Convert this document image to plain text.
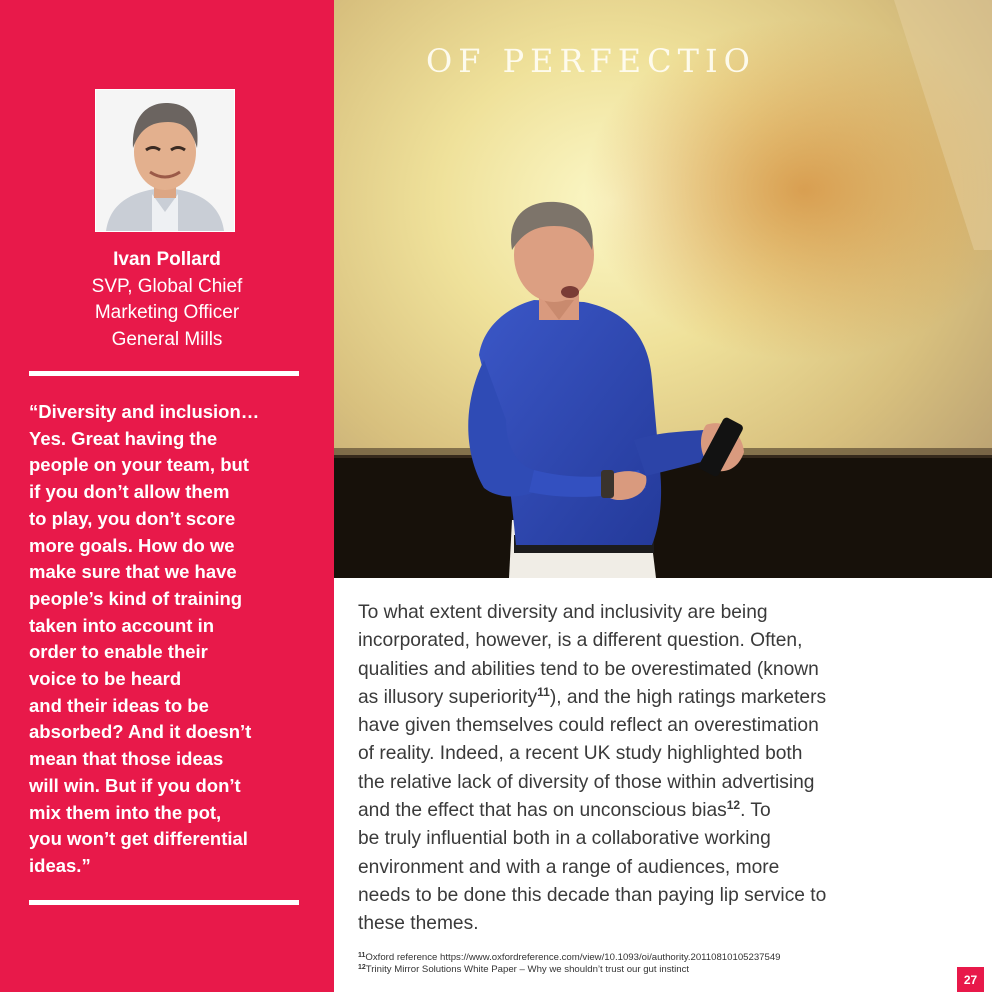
Ivan Pollard
SVP, Global Chief
Marketing Officer
General Mills

“Diversity and inclusion…
Yes. Great having the
people on your team, but
if you don’t allow them
to play, you don’t score
more goals. How do we
make sure that we have
people’s kind of training
taken into account in
order to enable their
voice to be heard
and their ideas to be
absorbed? And it doesn’t
mean that those ideas
will win. But if you don’t
mix them into the pot,
you won’t get differential
ideas.”

OF PERFECTIO

To what extent diversity and inclusivity are being
incorporated, however, is a different question. Often,
qualities and abilities tend to be overestimated (known
as illusory superiority$^{11}$), and the high ratings marketers
have given themselves could reflect an overestimation
of reality. Indeed, a recent UK study highlighted both
the relative lack of diversity of those within advertising
and the effect that has on unconscious bias$^{12}$. To
be truly influential both in a collaborative working
environment and with a range of audiences, more
needs to be done this decade than paying lip service to
these themes.

$^{11}$Oxford reference https://www.oxfordreference.com/view/10.1093/oi/authority.20110810105237549
$^{12}$Trinity Mirror Solutions White Paper – Why we shouldn’t trust our gut instinct
27
